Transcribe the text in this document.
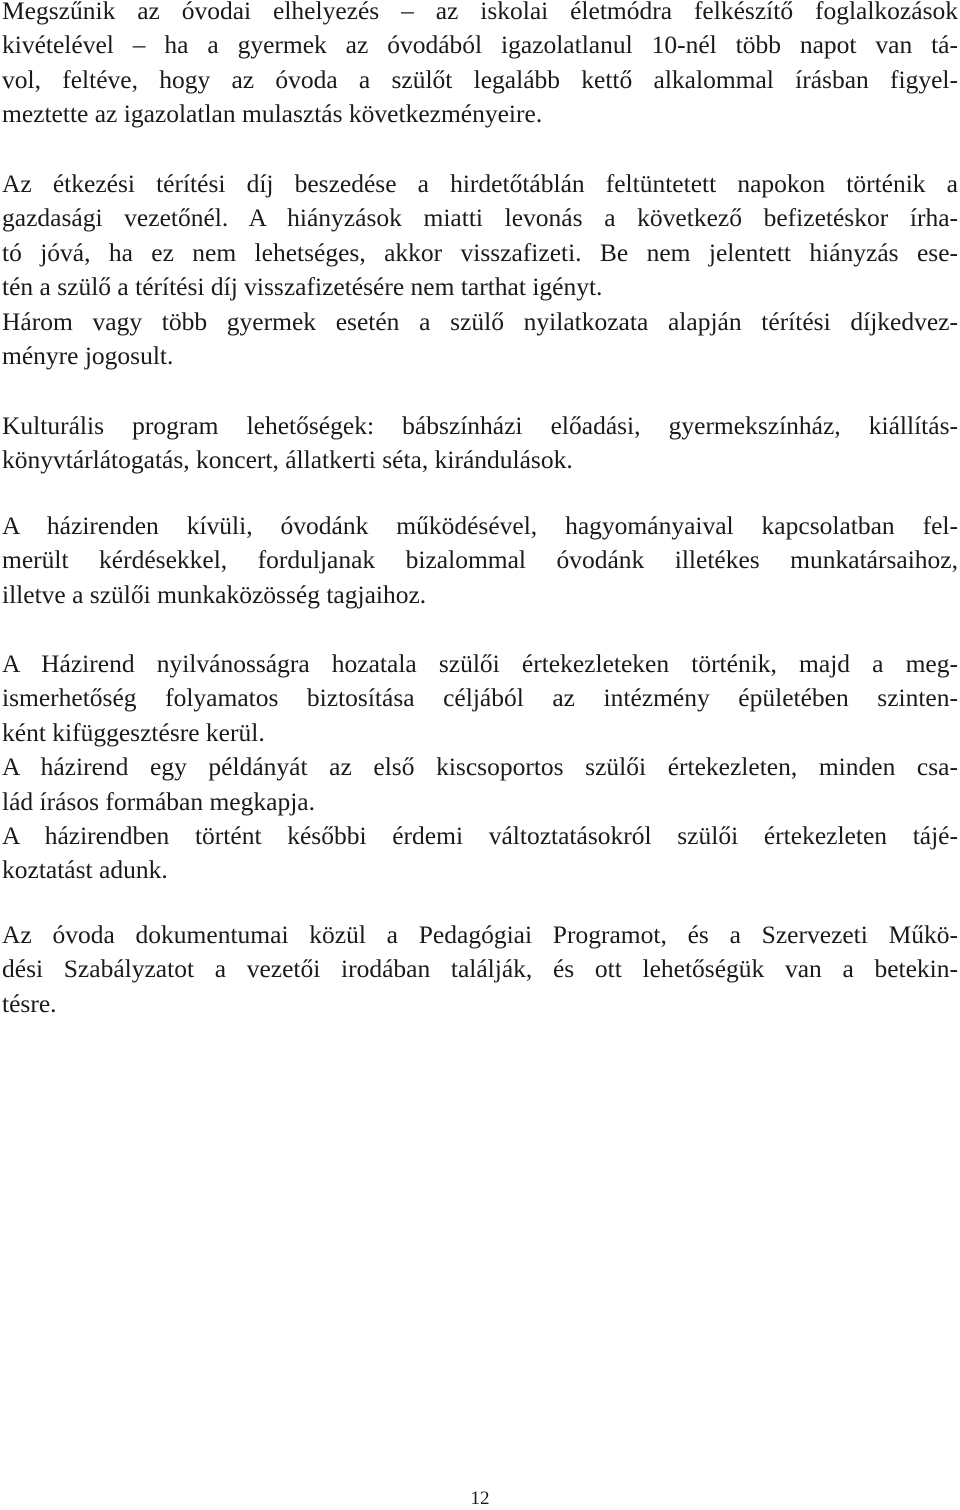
Megszűnik az óvodai elhelyezés – az iskolai életmódra felkészítő foglalkozások
kivételével – ha a gyermek az óvodából igazolatlanul 10-nél több napot van tá-
vol, feltéve, hogy az óvoda a szülőt legalább kettő alkalommal írásban figyel-
meztette az igazolatlan mulasztás következményeire.
Az étkezési térítési díj beszedése a hirdetőtáblán feltüntetett napokon történik a
gazdasági vezetőnél. A hiányzások miatti levonás a következő befizetéskor írha-
tó jóvá, ha ez nem lehetséges, akkor visszafizeti. Be nem jelentett hiányzás ese-
tén a szülő a térítési díj visszafizetésére nem tarthat igényt.
Három vagy több gyermek esetén a szülő nyilatkozata alapján térítési díjkedvez-
ményre jogosult.
Kulturális program lehetőségek: bábszínházi előadási, gyermekszínház, kiállítás-
könyvtárlátogatás, koncert, állatkerti séta, kirándulások.
A házirenden kívüli, óvodánk működésével, hagyományaival kapcsolatban fel-
merült kérdésekkel, forduljanak bizalommal óvodánk illetékes munkatársaihoz,
illetve a szülői munkaközösség tagjaihoz.
A Házirend nyilvánosságra hozatala szülői értekezleteken történik, majd a meg-
ismerhetőség folyamatos biztosítása céljából az intézmény épületében szinten-
ként kifüggesztésre kerül.
A házirend egy példányát az első kiscsoportos szülői értekezleten, minden csa-
lád írásos formában megkapja.
A házirendben történt későbbi érdemi változtatásokról szülői értekezleten tájé-
koztatást adunk.
Az óvoda dokumentumai közül a Pedagógiai Programot, és a Szervezeti Műkö-
dési Szabályzatot a vezetői irodában találják, és ott lehetőségük van a betekin-
tésre.
12
